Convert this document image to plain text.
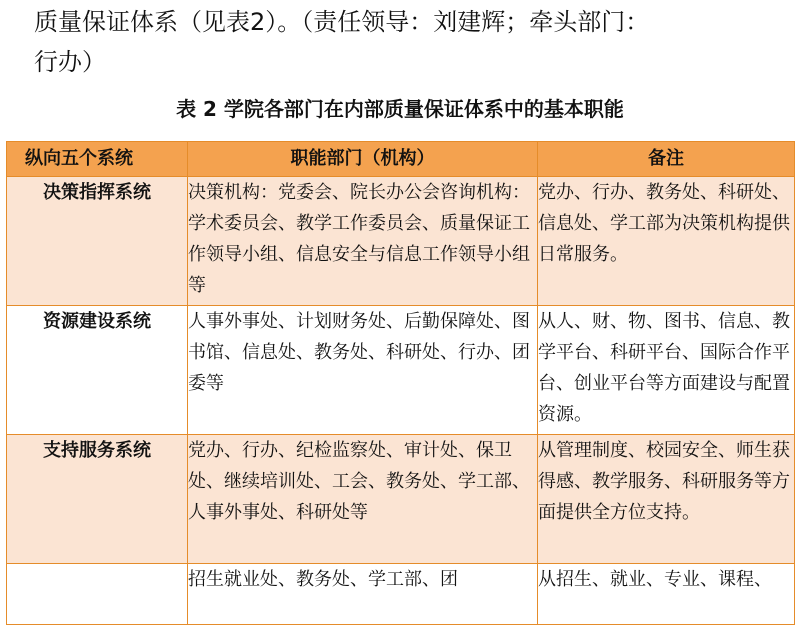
质量保证体系（见表2）。（责任领导：刘建辉；牵头部门：
行办）

表 2 学院各部门在内部质量保证体系中的基本职能

纵向五个系统	职能部门（机构）	备注
决策指挥系统	决策机构：党委会、院长办公会咨询机构：学术委员会、教学工作委员会、质量保证工作领导小组、信息安全与信息工作领导小组等	党办、行办、教务处、科研处、信息处、学工部为决策机构提供日常服务。
资源建设系统	人事外事处、计划财务处、后勤保障处、图书馆、信息处、教务处、科研处、行办、团委等	从人、财、物、图书、信息、教学平台、科研平台、国际合作平台、创业平台等方面建设与配置资源。
支持服务系统	党办、行办、纪检监察处、审计处、保卫处、继续培训处、工会、教务处、学工部、人事外事处、科研处等	从管理制度、校园安全、师生获得感、教学服务、科研服务等方面提供全方位支持。
	招生就业处、教务处、学工部、团	从招生、就业、专业、课程、
